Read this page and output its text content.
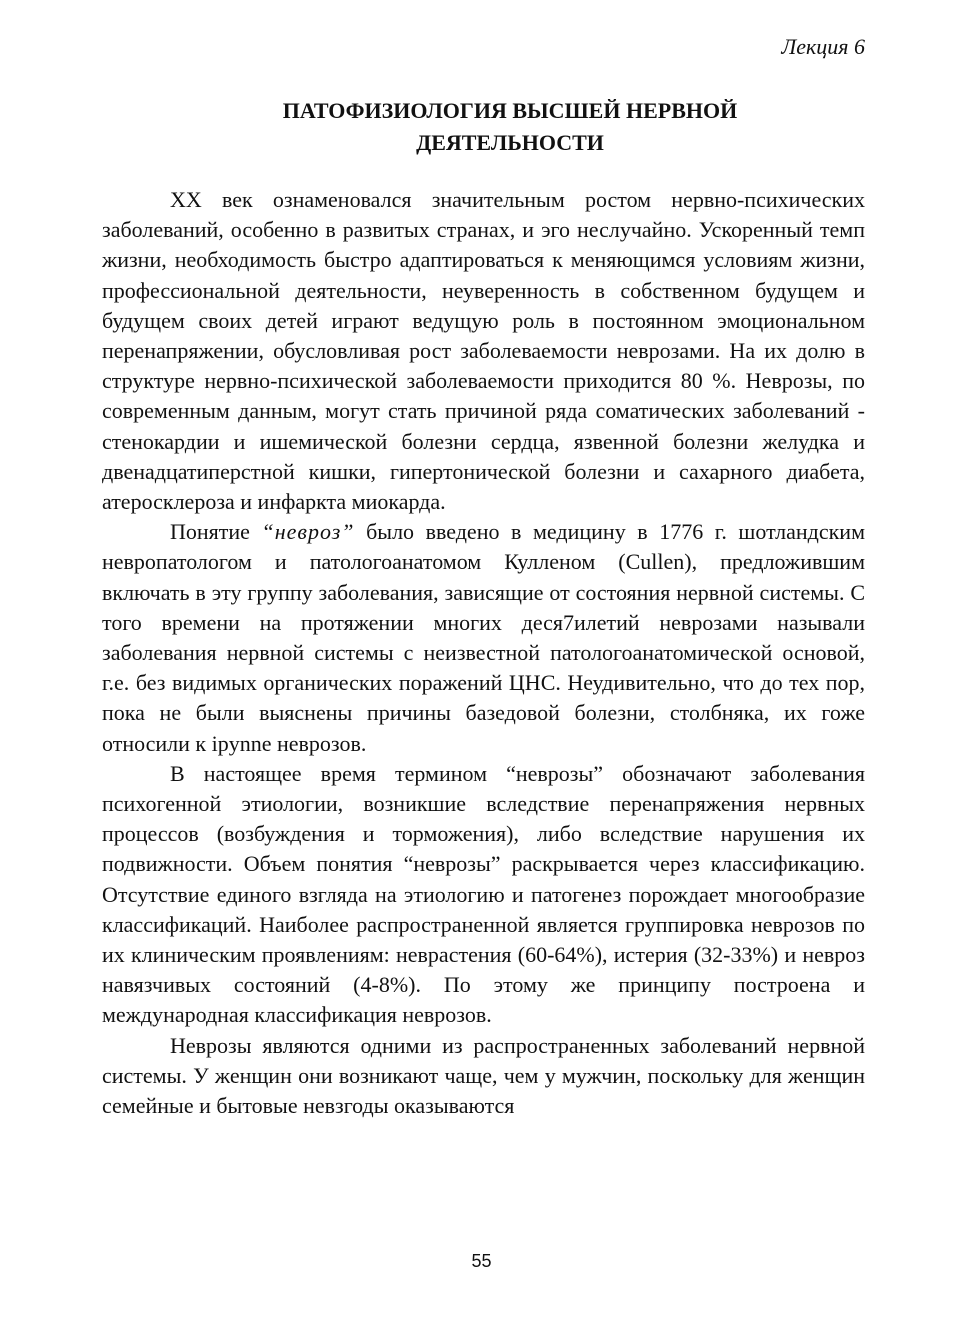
Лекция 6
ПАТОФИЗИОЛОГИЯ ВЫСШЕЙ НЕРВНОЙ
ДЕЯТЕЛЬНОСТИ

XX век ознаменовался значительным ростом нервно-психических заболеваний, особенно в развитых странах, и эго неслучайно. Ускоренный темп жизни, необходимость быстро адаптироваться к меняющимся условиям жизни, профессиональной деятельности, неуверенность в собственном будущем и будущем своих детей играют ведущую роль в постоянном эмоциональном перенапряжении, обусловливая рост заболеваемости неврозами. На их долю в структуре нервно-психической заболеваемости приходится 80 %. Неврозы, по современным данным, могут стать причиной ряда соматических заболеваний - стенокардии и ишемической болезни сердца, язвенной болезни желудка и двенадцатиперстной кишки, гипертонической болезни и сахарного диабета, атеросклероза и инфаркта миокарда.

Понятие “невроз” было введено в медицину в 1776 г. шотландским невропатологом и патологоанатомом Кулленом (Cullen), предложившим включать в эту группу заболевания, зависящие от состояния нервной системы. С того времени на протяжении многих деся7илетий неврозами называли заболевания нервной системы с неизвестной патологоанатомической основой, г.е. без видимых органических поражений ЦНС. Неудивительно, что до тех пор, пока не были выяснены причины базедовой болезни, столбняка, их гоже относили к іpynne неврозов.

В настоящее время термином “неврозы” обозначают заболевания психогенной этиологии, возникшие вследствие перенапряжения нервных процессов (возбуждения и торможения), либо вследствие нарушения их подвижности. Объем понятия “неврозы” раскрывается через классификацию. Отсутствие единого взгляда на этиологию и патогенез порождает многообразие классификаций. Наиболее распространенной является группировка неврозов по их клиническим проявлениям: неврастения (60-64%), истерия (32-33%) и невроз навязчивых состояний (4-8%). По этому же принципу построена и международная классификация неврозов.

Неврозы являются одними из распространенных заболеваний нервной системы. У женщин они возникают чаще, чем у мужчин, поскольку для женщин семейные и бытовые невзгоды оказываются

55
